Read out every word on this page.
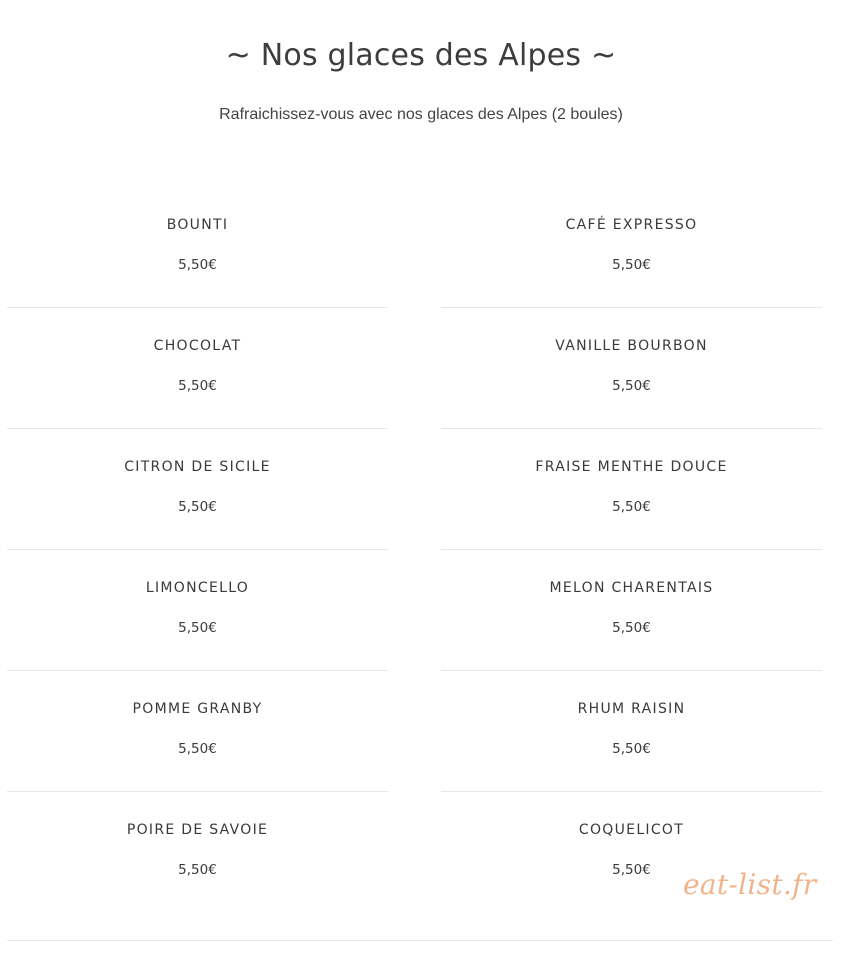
~ Nos glaces des Alpes ~

Rafraichissez-vous avec nos glaces des Alpes (2 boules)

BOUNTI
5,50€
CHOCOLAT
5,50€
CITRON DE SICILE
5,50€
LIMONCELLO
5,50€
POMME GRANBY
5,50€
POIRE DE SAVOIE
5,50€
CAFÉ EXPRESSO
5,50€
VANILLE BOURBON
5,50€
FRAISE MENTHE DOUCE
5,50€
MELON CHARENTAIS
5,50€
RHUM RAISIN
5,50€
COQUELICOT
5,50€	eat-list.fr
